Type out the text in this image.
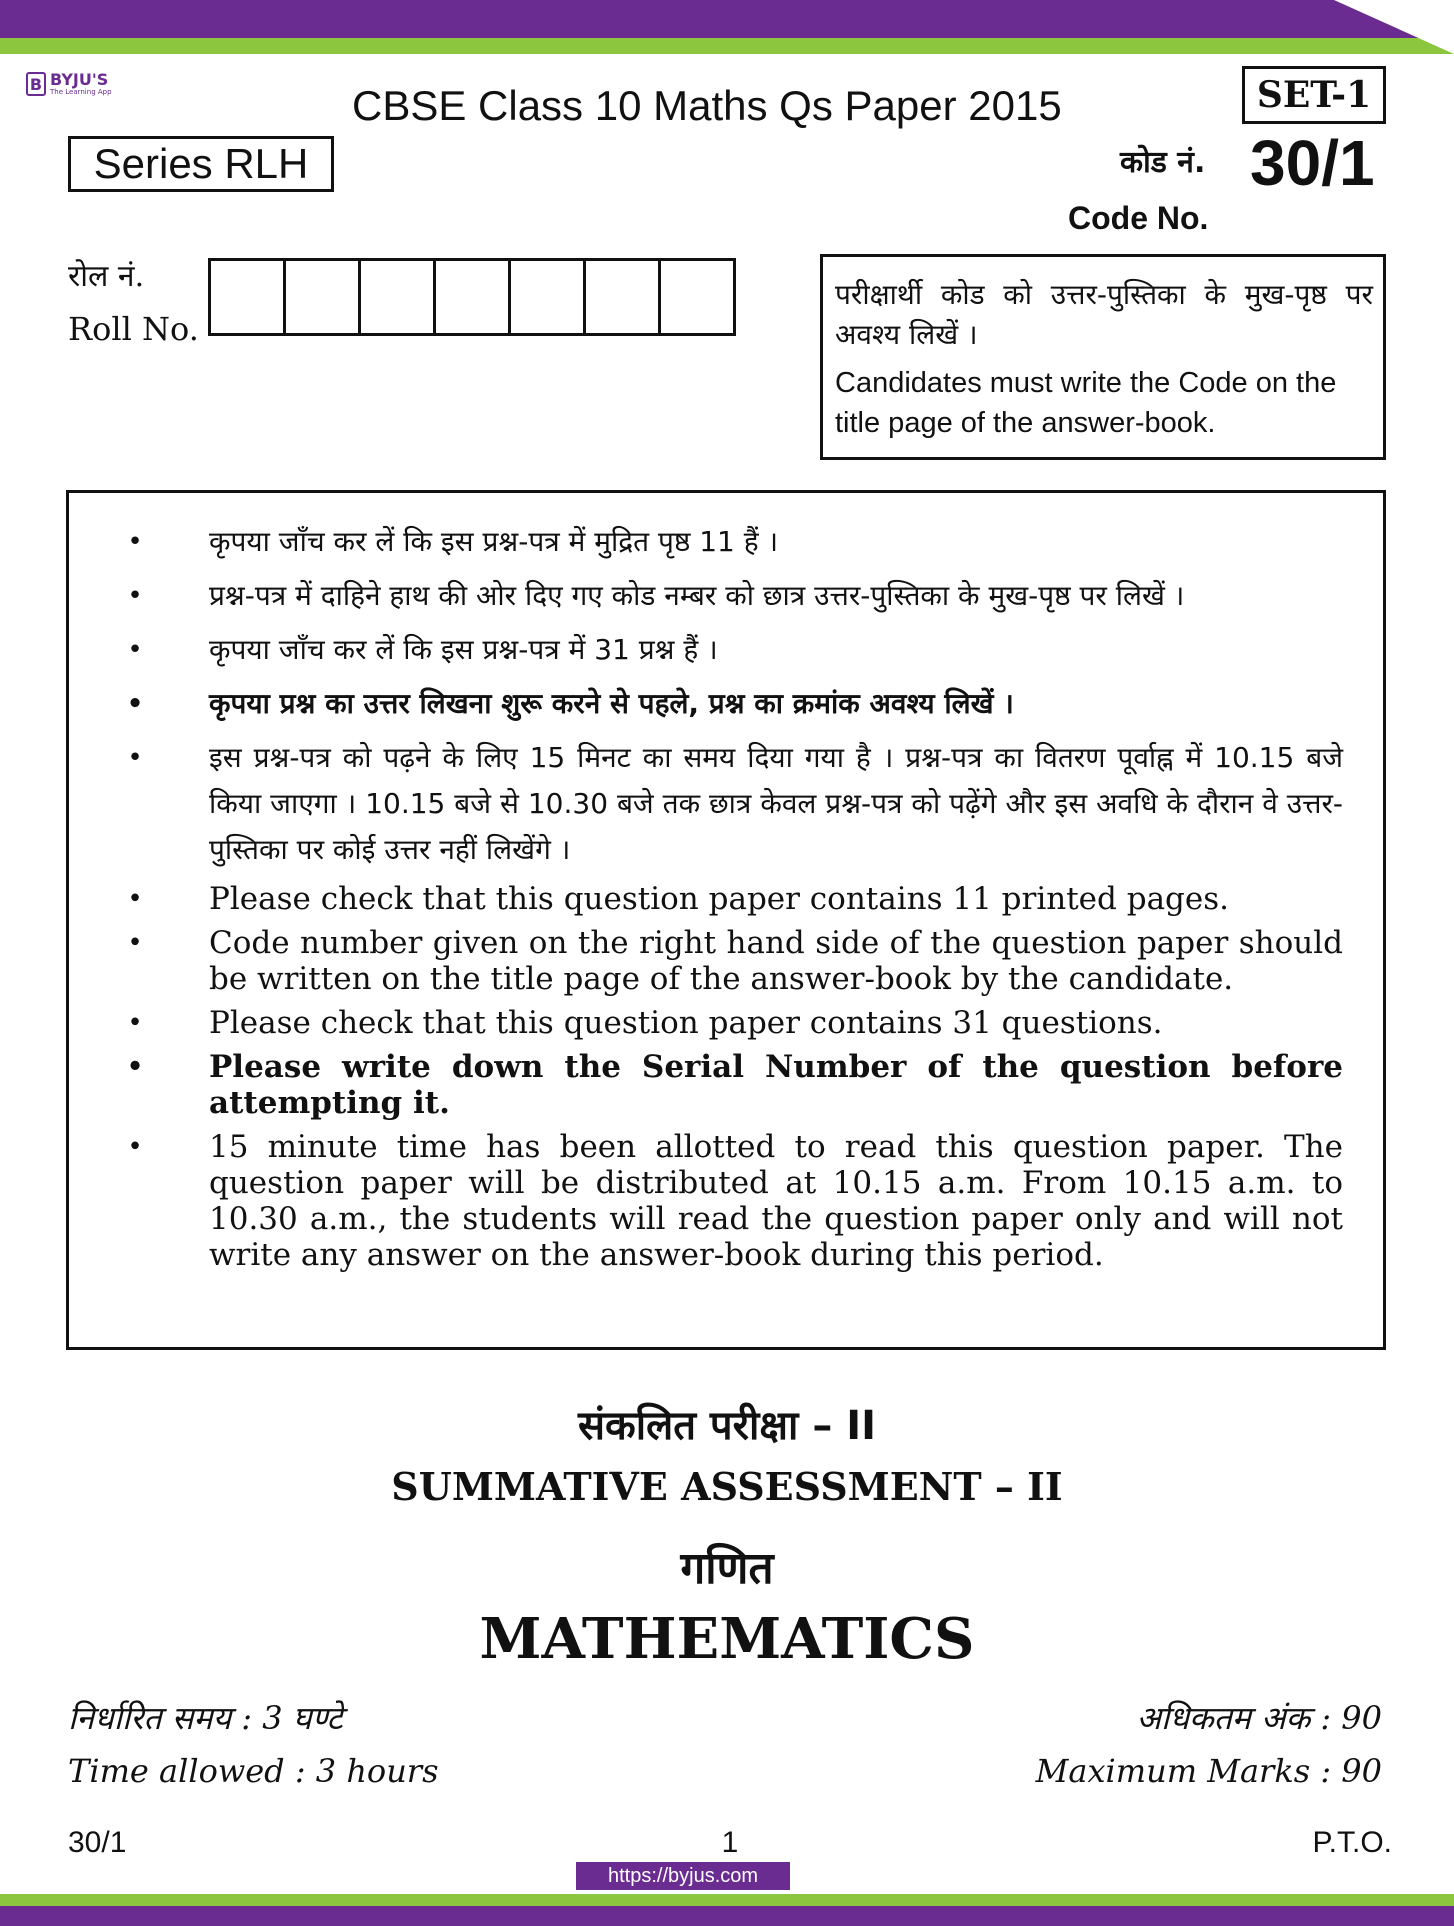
B BYJU'S
The Learning App	CBSE Class 10 Maths Qs Paper 2015
Series RLH
SET-1
कोड नं. 30/1
Code No.
रोल नं.
Roll No.
परीक्षार्थी कोड को उत्तर-पुस्तिका के मुख-पृष्ठ पर अवश्य लिखें ।
Candidates must write the Code on the title page of the answer-book.
•	कृपया जाँच कर लें कि इस प्रश्न-पत्र में मुद्रित पृष्ठ 11 हैं ।
•	प्रश्न-पत्र में दाहिने हाथ की ओर दिए गए कोड नम्बर को छात्र उत्तर-पुस्तिका के मुख-पृष्ठ पर लिखें ।
•	कृपया जाँच कर लें कि इस प्रश्न-पत्र में 31 प्रश्न हैं ।
•	कृपया प्रश्न का उत्तर लिखना शुरू करने से पहले, प्रश्न का क्रमांक अवश्य लिखें ।
•	इस प्रश्न-पत्र को पढ़ने के लिए 15 मिनट का समय दिया गया है । प्रश्न-पत्र का वितरण पूर्वाह्न में 10.15 बजे किया जाएगा । 10.15 बजे से 10.30 बजे तक छात्र केवल प्रश्न-पत्र को पढ़ेंगे और इस अवधि के दौरान वे उत्तर-पुस्तिका पर कोई उत्तर नहीं लिखेंगे ।
•	Please check that this question paper contains 11 printed pages.
•	Code number given on the right hand side of the question paper should be written on the title page of the answer-book by the candidate.
•	Please check that this question paper contains 31 questions.
•	Please write down the Serial Number of the question before attempting it.
•	15 minute time has been allotted to read this question paper. The question paper will be distributed at 10.15 a.m. From 10.15 a.m. to 10.30 a.m., the students will read the question paper only and will not write any answer on the answer-book during this period.
संकलित परीक्षा – II
SUMMATIVE ASSESSMENT – II
गणित
MATHEMATICS
निर्धारित समय : 3 घण्टे
Time allowed : 3 hours
अधिकतम अंक : 90
Maximum Marks : 90
30/1	1	P.T.O.
https://byjus.com
